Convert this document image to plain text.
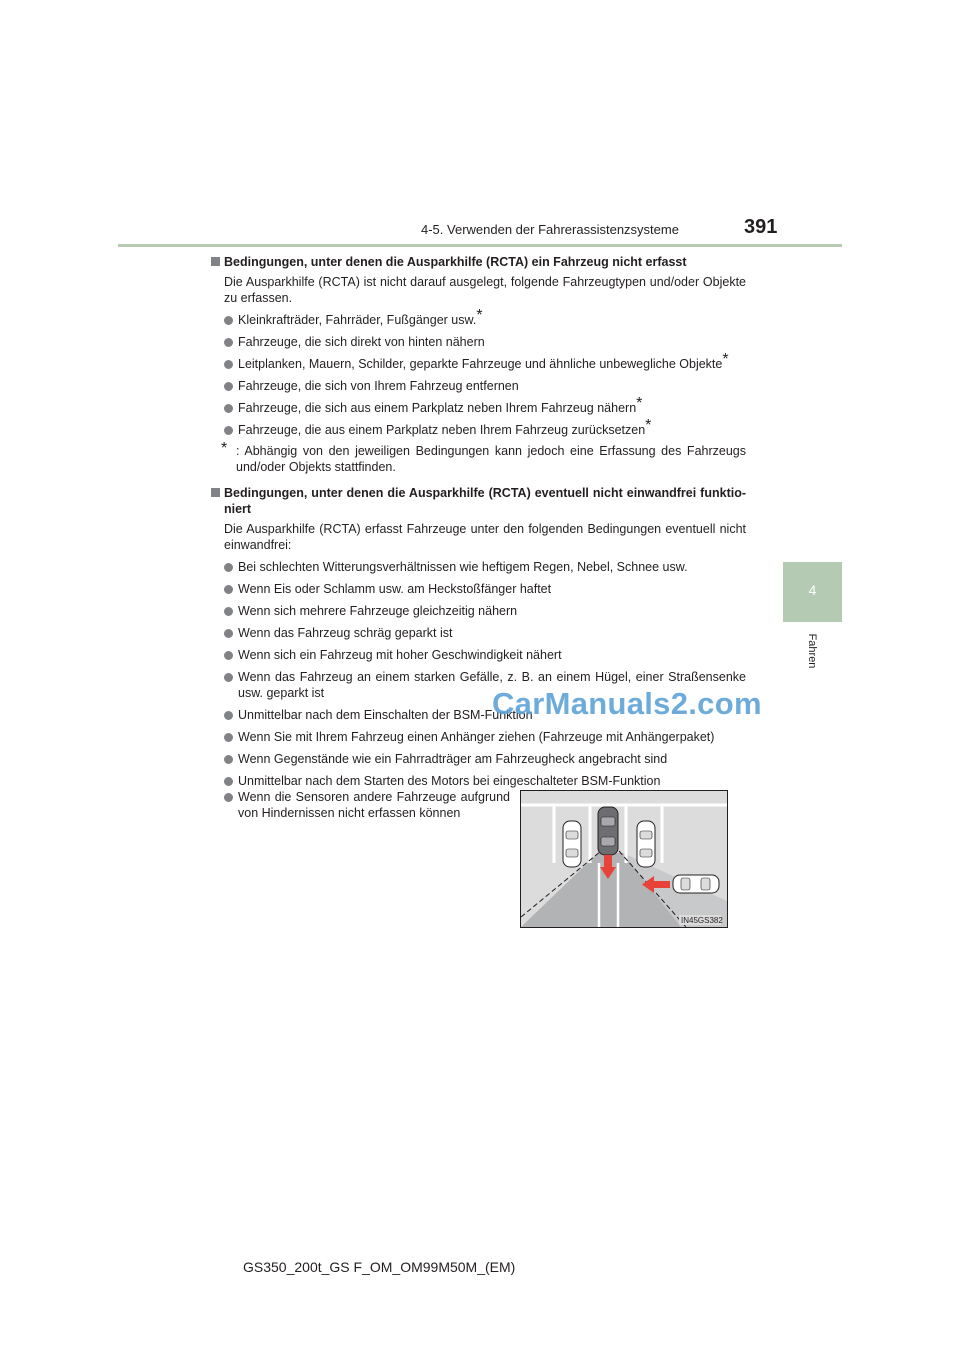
4-5. Verwenden der Fahrerassistenzsysteme	391
4
Fahren
Bedingungen, unter denen die Ausparkhilfe (RCTA) ein Fahrzeug nicht erfasst
Die Ausparkhilfe (RCTA) ist nicht darauf ausgelegt, folgende Fahrzeugtypen und/oder Objekte zu erfassen.
Kleinkrafträder, Fahrräder, Fußgänger usw.*
Fahrzeuge, die sich direkt von hinten nähern
Leitplanken, Mauern, Schilder, geparkte Fahrzeuge und ähnliche unbewegliche Objekte*
Fahrzeuge, die sich von Ihrem Fahrzeug entfernen
Fahrzeuge, die sich aus einem Parkplatz neben Ihrem Fahrzeug nähern*
Fahrzeuge, die aus einem Parkplatz neben Ihrem Fahrzeug zurücksetzen*
* : Abhängig von den jeweiligen Bedingungen kann jedoch eine Erfassung des Fahrzeugs und/oder Objekts stattfinden.
Bedingungen, unter denen die Ausparkhilfe (RCTA) eventuell nicht einwandfrei funktio-niert
Die Ausparkhilfe (RCTA) erfasst Fahrzeuge unter den folgenden Bedingungen eventuell nicht einwandfrei:
Bei schlechten Witterungsverhältnissen wie heftigem Regen, Nebel, Schnee usw.
Wenn Eis oder Schlamm usw. am Heckstoßfänger haftet
Wenn sich mehrere Fahrzeuge gleichzeitig nähern
Wenn das Fahrzeug schräg geparkt ist
Wenn sich ein Fahrzeug mit hoher Geschwindigkeit nähert
Wenn das Fahrzeug an einem starken Gefälle, z. B. an einem Hügel, einer Straßensenke usw. geparkt ist
Unmittelbar nach dem Einschalten der BSM-Funktion
Wenn Sie mit Ihrem Fahrzeug einen Anhänger ziehen (Fahrzeuge mit Anhängerpaket)
Wenn Gegenstände wie ein Fahrradträger am Fahrzeugheck angebracht sind
Unmittelbar nach dem Starten des Motors bei eingeschalteter BSM-Funktion
Wenn die Sensoren andere Fahrzeuge aufgrund von Hindernissen nicht erfassen können
IN45GS382
CarManuals2.com
GS350_200t_GS F_OM_OM99M50M_(EM)
